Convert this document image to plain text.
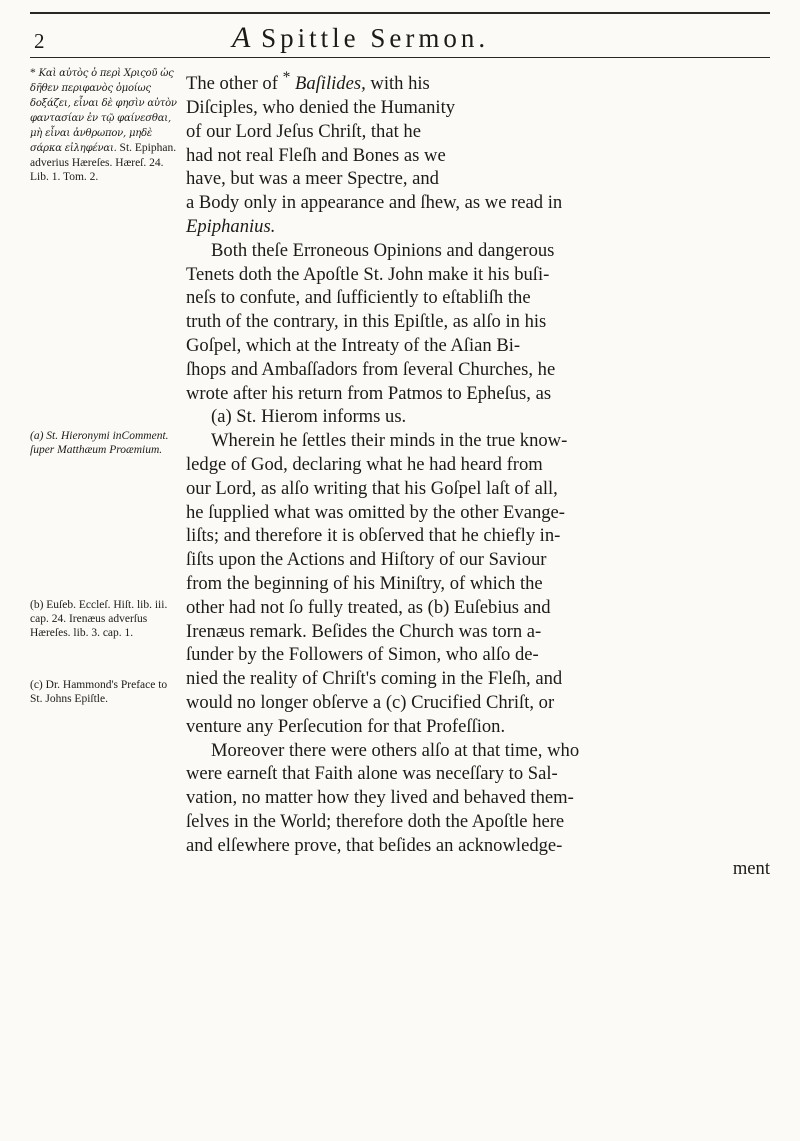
2	A Spittle Sermon.

* Καὶ αὐτὸς ὁ περὶ Χριςοῦ ὡς δῆθεν περιφανὸς ὁμοίως δοξάζει, εἶναι δὲ φησὶν αὐτὸν φαντασίαν ἐν τῷ φαίνεσθαι, μὴ εἶναι ἀνθρωπον, μηδὲ σάρκα εἰληφέναι. St. Epiphan. adverius Hæreſes. Hæreſ. 24. Lib. 1. Tom. 2.

(a) St. Hieronymi inComment. ſuper Matthæum Proæmium.

(b) Euſeb. Eccleſ. Hiſt. lib. iii. cap. 24. Irenæus adverſus Hæreſes. lib. 3. cap. 1.

(c) Dr. Hammond's Preface to St. Johns Epiſtle.

The other of * Baſilides, with his
Diſciples, who denied the Humanity
of our Lord Jeſus Chriſt, that he
had not real Fleſh and Bones as we
have, but was a meer Spectre, and
a Body only in appearance and ſhew, as we read in
Epiphanius.
Both theſe Erroneous Opinions and dangerous
Tenets doth the Apoſtle St. John make it his buſi-
neſs to confute, and ſufficiently to eſtabliſh the
truth of the contrary, in this Epiſtle, as alſo in his
Goſpel, which at the Intreaty of the Aſian Bi-
ſhops and Ambaſſadors from ſeveral Churches, he
wrote after his return from Patmos to Epheſus, as
(a) St. Hierom informs us.
Wherein he ſettles their minds in the true know-
ledge of God, declaring what he had heard from
our Lord, as alſo writing that his Goſpel laſt of all,
he ſupplied what was omitted by the other Evange-
liſts; and therefore it is obſerved that he chiefly in-
ſiſts upon the Actions and Hiſtory of our Saviour
from the beginning of his Miniſtry, of which the
other had not ſo fully treated, as (b) Euſebius and
Irenæus remark. Beſides the Church was torn a-
ſunder by the Followers of Simon, who alſo de-
nied the reality of Chriſt's coming in the Fleſh, and
would no longer obſerve a (c) Crucified Chriſt, or
venture any Perſecution for that Profeſſion.
Moreover there were others alſo at that time, who
were earneſt that Faith alone was neceſſary to Sal-
vation, no matter how they lived and behaved them-
ſelves in the World; therefore doth the Apoſtle here
and elſewhere prove, that beſides an acknowledge-
ment
